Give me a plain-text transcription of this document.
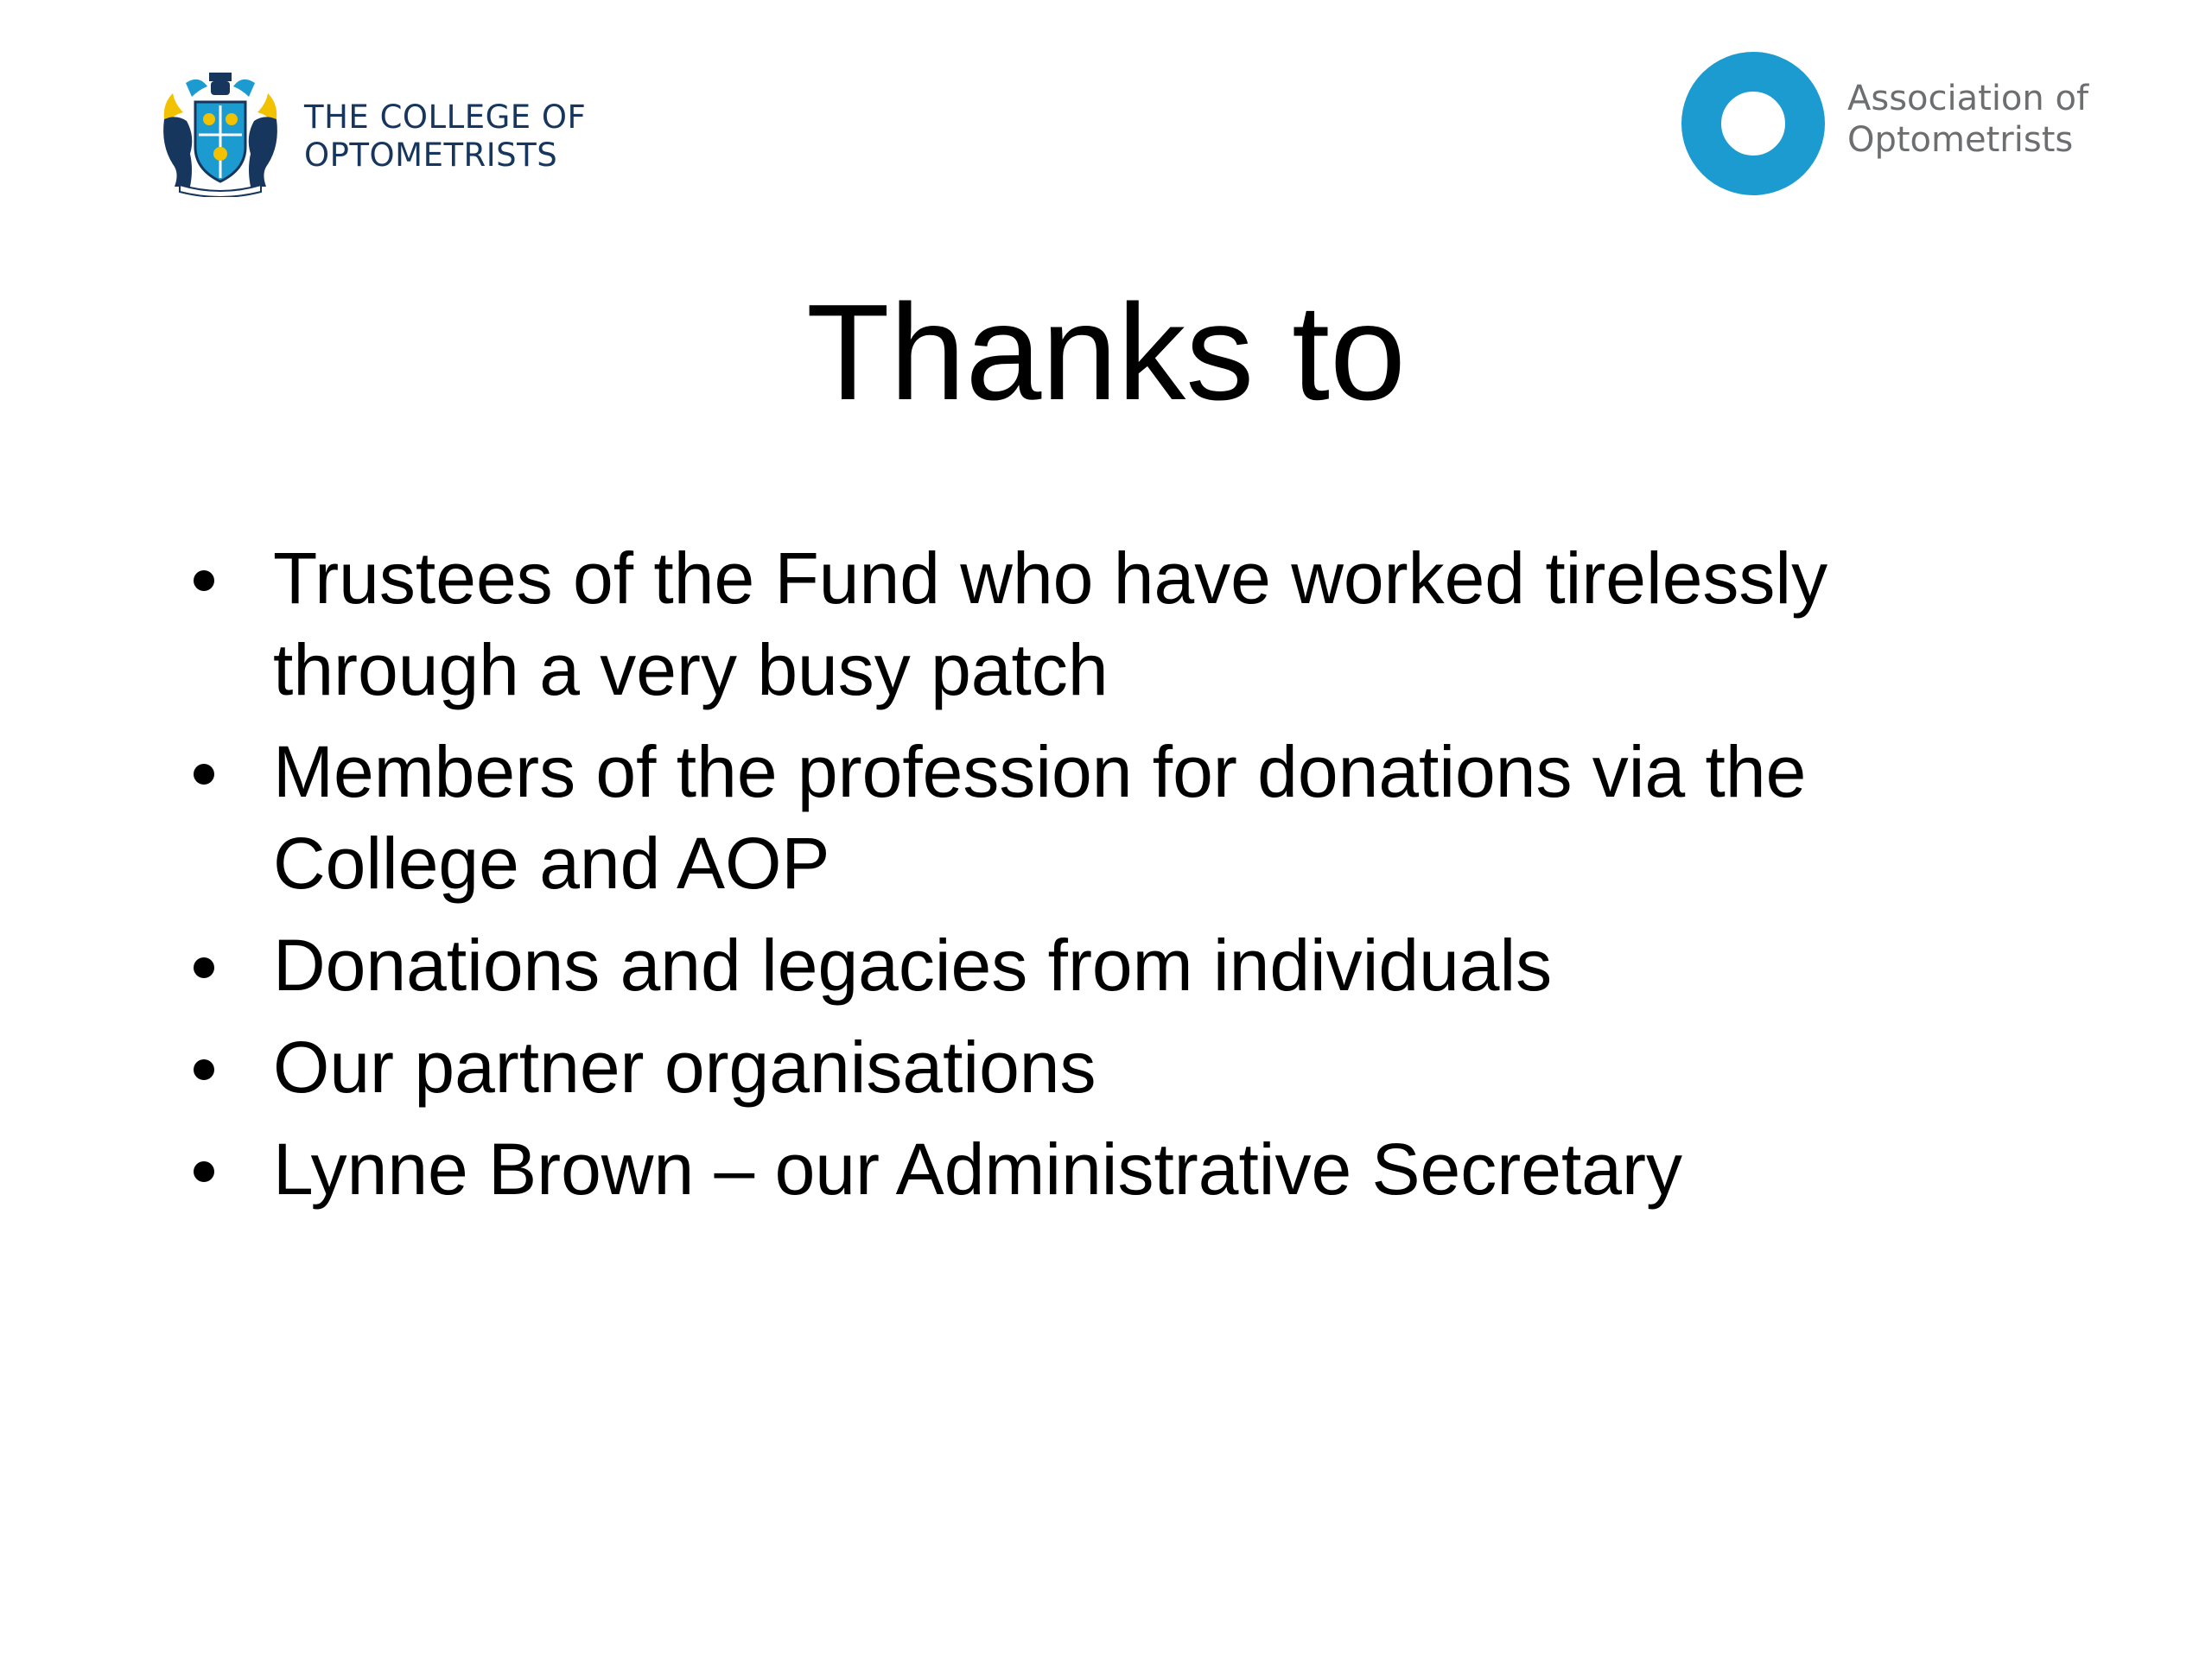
THE COLLEGE OF
OPTOMETRISTS
Association of
Optometrists
Thanks to
Trustees of the Fund who have worked tirelessly through a very busy patch
Members of the profession for donations via the College and AOP
Donations and legacies from individuals
Our partner organisations
Lynne Brown – our Administrative Secretary
